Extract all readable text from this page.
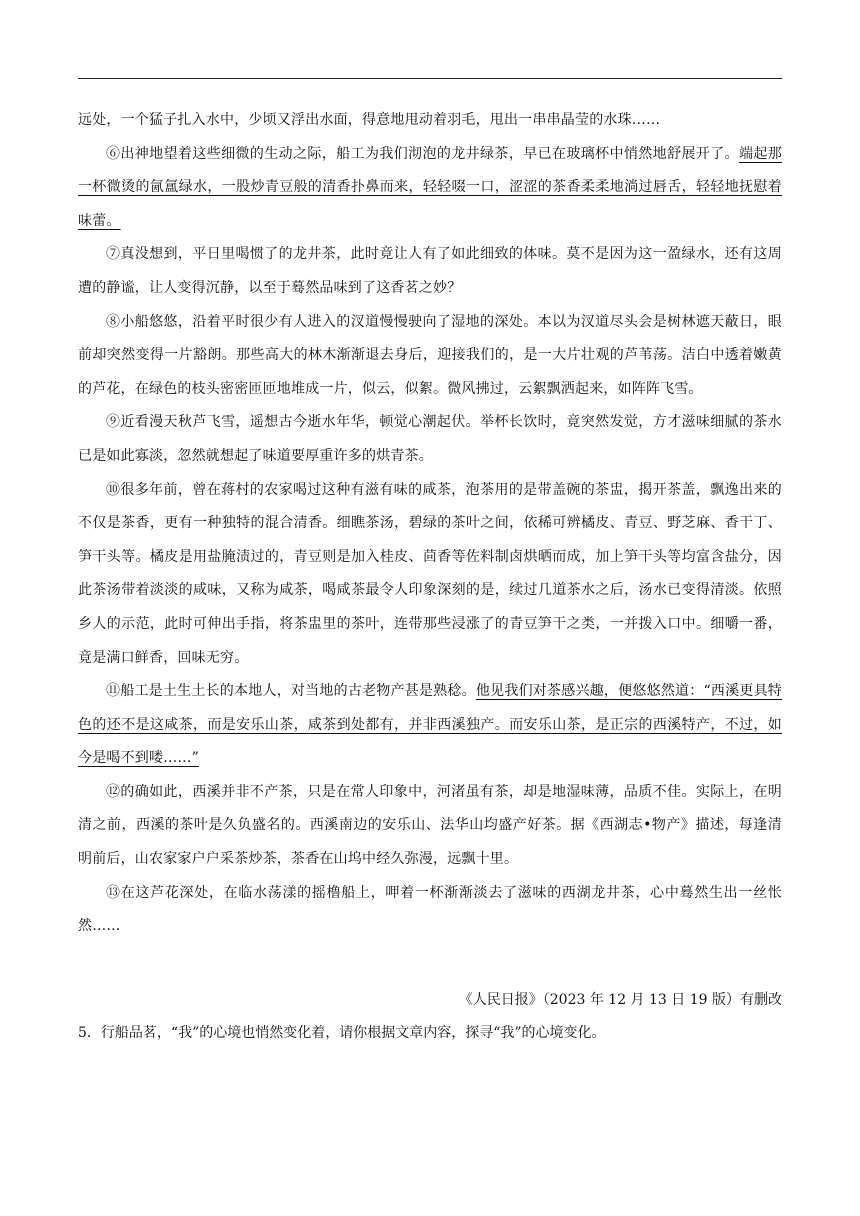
远处，一个猛子扎入水中，少顷又浮出水面，得意地甩动着羽毛，甩出一串串晶莹的水珠……

⑥出神地望着这些细微的生动之际，船工为我们沏泡的龙井绿茶，早已在玻璃杯中悄然地舒展开了。端起那一杯微烫的氤氲绿水，一股炒青豆般的清香扑鼻而来，轻轻啜一口，涩涩的茶香柔柔地淌过唇舌，轻轻地抚慰着味蕾。

⑦真没想到，平日里喝惯了的龙井茶，此时竟让人有了如此细致的体味。莫不是因为这一盈绿水，还有这周遭的静谧，让人变得沉静，以至于蓦然品味到了这香茗之妙？

⑧小船悠悠，沿着平时很少有人进入的汊道慢慢驶向了湿地的深处。本以为汊道尽头会是树林遮天蔽日，眼前却突然变得一片豁朗。那些高大的林木渐渐退去身后，迎接我们的，是一大片壮观的芦苇荡。洁白中透着嫩黄的芦花，在绿色的枝头密密匝匝地堆成一片，似云，似絮。微风拂过，云絮飘洒起来，如阵阵飞雪。

⑨近看漫天秋芦飞雪，遥想古今逝水年华，顿觉心潮起伏。举杯长饮时，竟突然发觉，方才滋味细腻的茶水已是如此寡淡，忽然就想起了味道要厚重许多的烘青茶。

⑩很多年前，曾在蒋村的农家喝过这种有滋有味的咸茶，泡茶用的是带盖碗的茶盅，揭开茶盖，飘逸出来的不仅是茶香，更有一种独特的混合清香。细瞧茶汤，碧绿的茶叶之间，依稀可辨橘皮、青豆、野芝麻、香干丁、笋干头等。橘皮是用盐腌渍过的，青豆则是加入桂皮、茴香等佐料制卤烘晒而成，加上笋干头等均富含盐分，因此茶汤带着淡淡的咸味，又称为咸茶，喝咸茶最令人印象深刻的是，续过几道茶水之后，汤水已变得清淡。依照乡人的示范，此时可伸出手指，将茶盅里的茶叶，连带那些浸涨了的青豆笋干之类，一并拨入口中。细嚼一番，竟是满口鲜香，回味无穷。

⑪船工是土生土长的本地人，对当地的古老物产甚是熟稔。他见我们对茶感兴趣，便悠悠然道：“西溪更具特色的还不是这咸茶，而是安乐山茶，咸茶到处都有，并非西溪独产。而安乐山茶，是正宗的西溪特产，不过，如今是喝不到喽……”

⑫的确如此，西溪并非不产茶，只是在常人印象中，河渚虽有茶，却是地湿味薄，品质不佳。实际上，在明清之前，西溪的茶叶是久负盛名的。西溪南边的安乐山、法华山均盛产好茶。据《西湖志•物产》描述，每逢清明前后，山农家家户户采茶炒茶，茶香在山坞中经久弥漫，远飘十里。

⑬在这芦花深处，在临水荡漾的摇橹船上，呷着一杯渐渐淡去了滋味的西湖龙井茶，心中蓦然生出一丝怅然……

《人民日报》（2023 年 12 月 13 日 19 版）有删改
5．行船品茗，“我”的心境也悄然变化着，请你根据文章内容，探寻“我”的心境变化。
